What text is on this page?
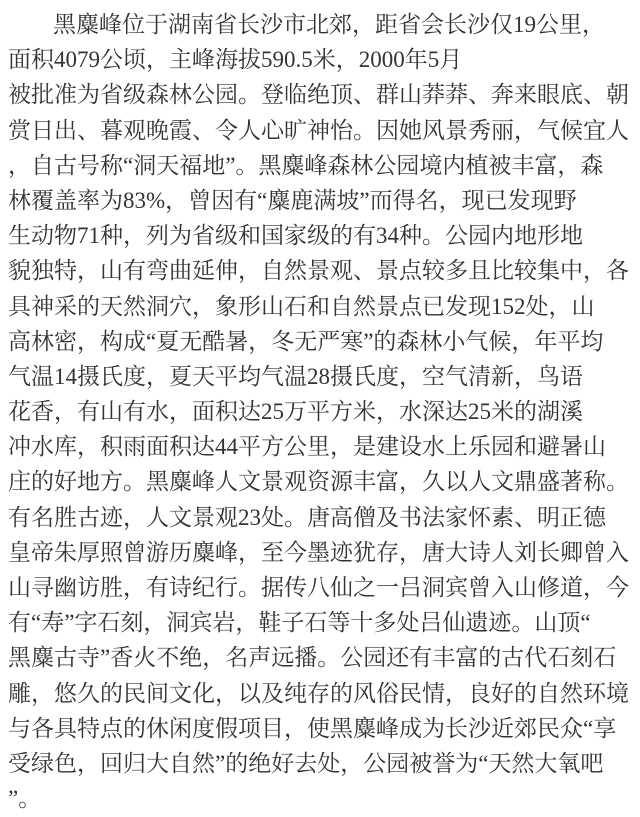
黑麋峰位于湖南省长沙市北郊，距省会长沙仅19公里，
面积4079公顷，主峰海拔590.5米，2000年5月
被批准为省级森林公园。登临绝顶、群山莽莽、奔来眼底、朝
赏日出、暮观晚霞、令人心旷神怡。因她风景秀丽，气候宜人
，自古号称“洞天福地”。黑麋峰森林公园境内植被丰富，森
林覆盖率为83%，曾因有“麋鹿满坡”而得名，现已发现野
生动物71种，列为省级和国家级的有34种。公园内地形地
貌独特，山有弯曲延伸，自然景观、景点较多且比较集中，各
具神采的天然洞穴，象形山石和自然景点已发现152处，山
高林密，构成“夏无酷暑，冬无严寒”的森林小气候，年平均
气温14摄氏度，夏天平均气温28摄氏度，空气清新，鸟语
花香，有山有水，面积达25万平方米，水深达25米的湖溪
冲水库，积雨面积达44平方公里，是建设水上乐园和避暑山
庄的好地方。黑麋峰人文景观资源丰富，久以人文鼎盛著称。
有名胜古迹，人文景观23处。唐高僧及书法家怀素、明正德
皇帝朱厚照曾游历麋峰，至今墨迹犹存，唐大诗人刘长卿曾入
山寻幽访胜，有诗纪行。据传八仙之一吕洞宾曾入山修道，今
有“寿”字石刻，洞宾岩，鞋子石等十多处吕仙遗迹。山顶“
黑麋古寺”香火不绝，名声远播。公园还有丰富的古代石刻石
雕，悠久的民间文化，以及纯存的风俗民情，良好的自然环境
与各具特点的休闲度假项目，使黑麋峰成为长沙近郊民众“享
受绿色，回归大自然”的绝好去处，公园被誉为“天然大氧吧
”。
